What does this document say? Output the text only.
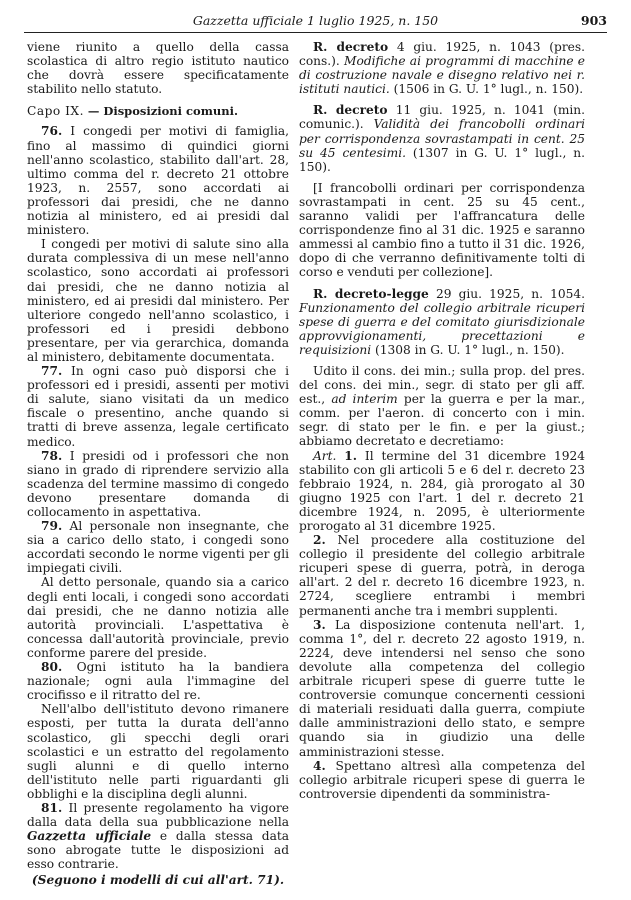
Gazzetta ufficiale 1 luglio 1925, n. 150	903

viene riunito a quello della cassa scolastica di altro regio istituto nautico che dovrà essere specificatamente stabilito nello statuto.

Capo IX. — Disposizioni comuni.

76. I congedi per motivi di famiglia, fino al massimo di quindici giorni nell'anno scolastico, stabilito dall'art. 28, ultimo comma del r. decreto 21 ottobre 1923, n. 2557, sono accordati ai professori dai presidi, che ne danno notizia al ministero, ed ai presidi dal ministero.

I congedi per motivi di salute sino alla durata complessiva di un mese nell'anno scolastico, sono accordati ai professori dai presidi, che ne danno notizia al ministero, ed ai presidi dal ministero. Per ulteriore congedo nell'anno scolastico, i professori ed i presidi debbono presentare, per via gerarchica, domanda al ministero, debitamente documentata.

77. In ogni caso può disporsi che i professori ed i presidi, assenti per motivi di salute, siano visitati da un medico fiscale o presentino, anche quando si tratti di breve assenza, legale certificato medico.

78. I presidi od i professori che non siano in grado di riprendere servizio alla scadenza del termine massimo di congedo devono presentare domanda di collocamento in aspettativa.

79. Al personale non insegnante, che sia a carico dello stato, i congedi sono accordati secondo le norme vigenti per gli impiegati civili.

Al detto personale, quando sia a carico degli enti locali, i congedi sono accordati dai presidi, che ne danno notizia alle autorità provinciali. L'aspettativa è concessa dall'autorità provinciale, previo conforme parere del preside.

80. Ogni istituto ha la bandiera nazionale; ogni aula l'immagine del crocifisso e il ritratto del re.

Nell'albo dell'istituto devono rimanere esposti, per tutta la durata dell'anno scolastico, gli specchi degli orari scolastici e un estratto del regolamento sugli alunni e di quello interno dell'istituto nelle parti riguardanti gli obblighi e la disciplina degli alunni.

81. Il presente regolamento ha vigore dalla data della sua pubblicazione nella Gazzetta ufficiale e dalla stessa data sono abrogate tutte le disposizioni ad esso contrarie.

(Seguono i modelli di cui all'art. 71).

R. decreto 4 giu. 1925, n. 1043 (pres. cons.). Modifiche ai programmi di macchine e di costruzione navale e disegno relativo nei r. istituti nautici. (1506 in G. U. 1° lugl., n. 150).

R. decreto 11 giu. 1925, n. 1041 (min. comunic.). Validità dei francobolli ordinari per corrispondenza sovrastampati in cent. 25 su 45 centesimi. (1307 in G. U. 1° lugl., n. 150).

[I francobolli ordinari per corrispondenza sovrastampati in cent. 25 su 45 cent., saranno validi per l'affrancatura delle corrispondenze fino al 31 dic. 1925 e saranno ammessi al cambio fino a tutto il 31 dic. 1926, dopo di che verranno definitivamente tolti di corso e venduti per collezione].

R. decreto-legge 29 giu. 1925, n. 1054. Funzionamento del collegio arbitrale ricuperi spese di guerra e del comitato giurisdizionale approvvigionamenti, precettazioni e requisizioni (1308 in G. U. 1° lugl., n. 150).

Udito il cons. dei min.; sulla prop. del pres. del cons. dei min., segr. di stato per gli aff. est., ad interim per la guerra e per la mar., comm. per l'aeron. di concerto con i min. segr. di stato per le fin. e per la giust.; abbiamo decretato e decretiamo:

Art. 1. Il termine del 31 dicembre 1924 stabilito con gli articoli 5 e 6 del r. decreto 23 febbraio 1924, n. 284, già prorogato al 30 giugno 1925 con l'art. 1 del r. decreto 21 dicembre 1924, n. 2095, è ulteriormente prorogato al 31 dicembre 1925.

2. Nel procedere alla costituzione del collegio il presidente del collegio arbitrale ricuperi spese di guerra, potrà, in deroga all'art. 2 del r. decreto 16 dicembre 1923, n. 2724, scegliere entrambi i membri permanenti anche tra i membri supplenti.

3. La disposizione contenuta nell'art. 1, comma 1°, del r. decreto 22 agosto 1919, n. 2224, deve intendersi nel senso che sono devolute alla competenza del collegio arbitrale ricuperi spese di guerre tutte le controversie comunque concernenti cessioni di materiali residuati dalla guerra, compiute dalle amministrazioni dello stato, e sempre quando sia in giudizio una delle amministrazioni stesse.

4. Spettano altresì alla competenza del collegio arbitrale ricuperi spese di guerra le controversie dipendenti da somministra-
